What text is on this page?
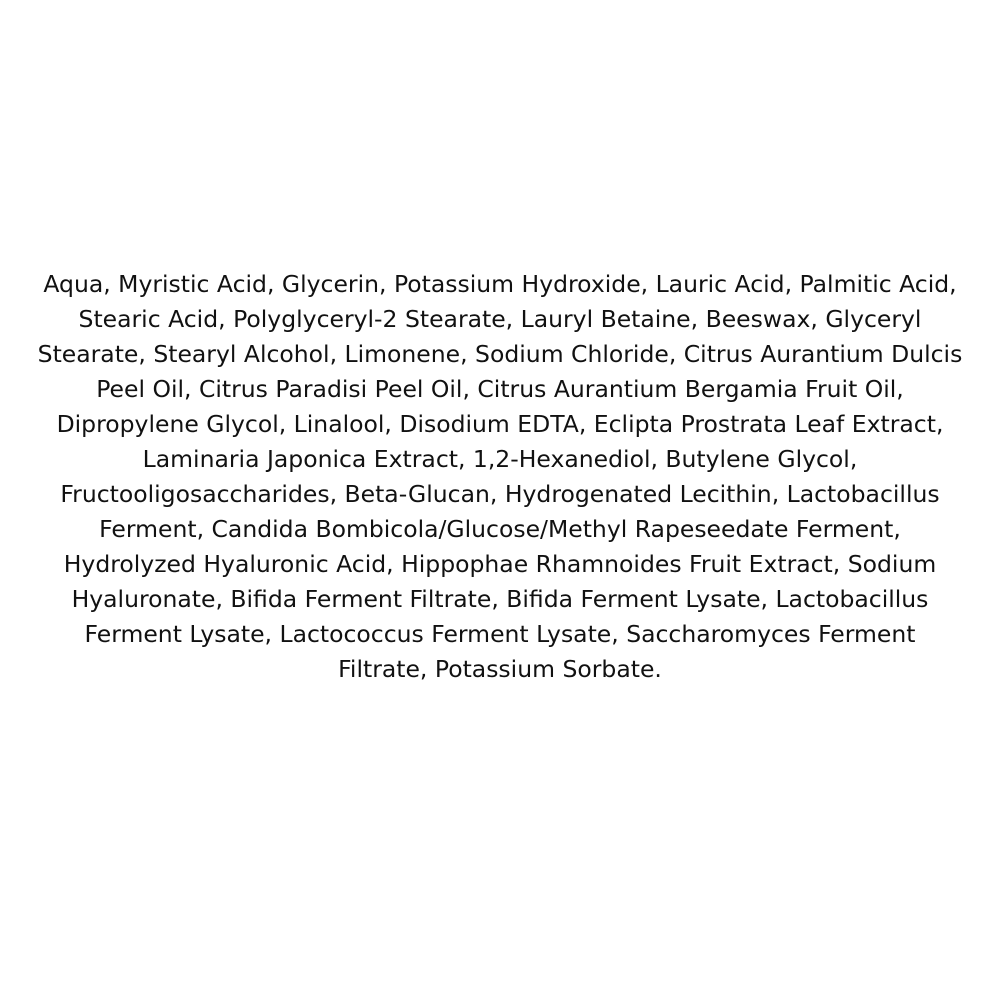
Aqua, Myristic Acid, Glycerin, Potassium Hydroxide, Lauric Acid, Palmitic Acid,
Stearic Acid, Polyglyceryl-2 Stearate, Lauryl Betaine, Beeswax, Glyceryl
Stearate, Stearyl Alcohol, Limonene, Sodium Chloride, Citrus Aurantium Dulcis
Peel Oil, Citrus Paradisi Peel Oil, Citrus Aurantium Bergamia Fruit Oil,
Dipropylene Glycol, Linalool, Disodium EDTA, Eclipta Prostrata Leaf Extract,
Laminaria Japonica Extract, 1,2-Hexanediol, Butylene Glycol,
Fructooligosaccharides, Beta-Glucan, Hydrogenated Lecithin, Lactobacillus
Ferment, Candida Bombicola/Glucose/Methyl Rapeseedate Ferment,
Hydrolyzed Hyaluronic Acid, Hippophae Rhamnoides Fruit Extract, Sodium
Hyaluronate, Bifida Ferment Filtrate, Bifida Ferment Lysate, Lactobacillus
Ferment Lysate, Lactococcus Ferment Lysate, Saccharomyces Ferment
Filtrate, Potassium Sorbate.
